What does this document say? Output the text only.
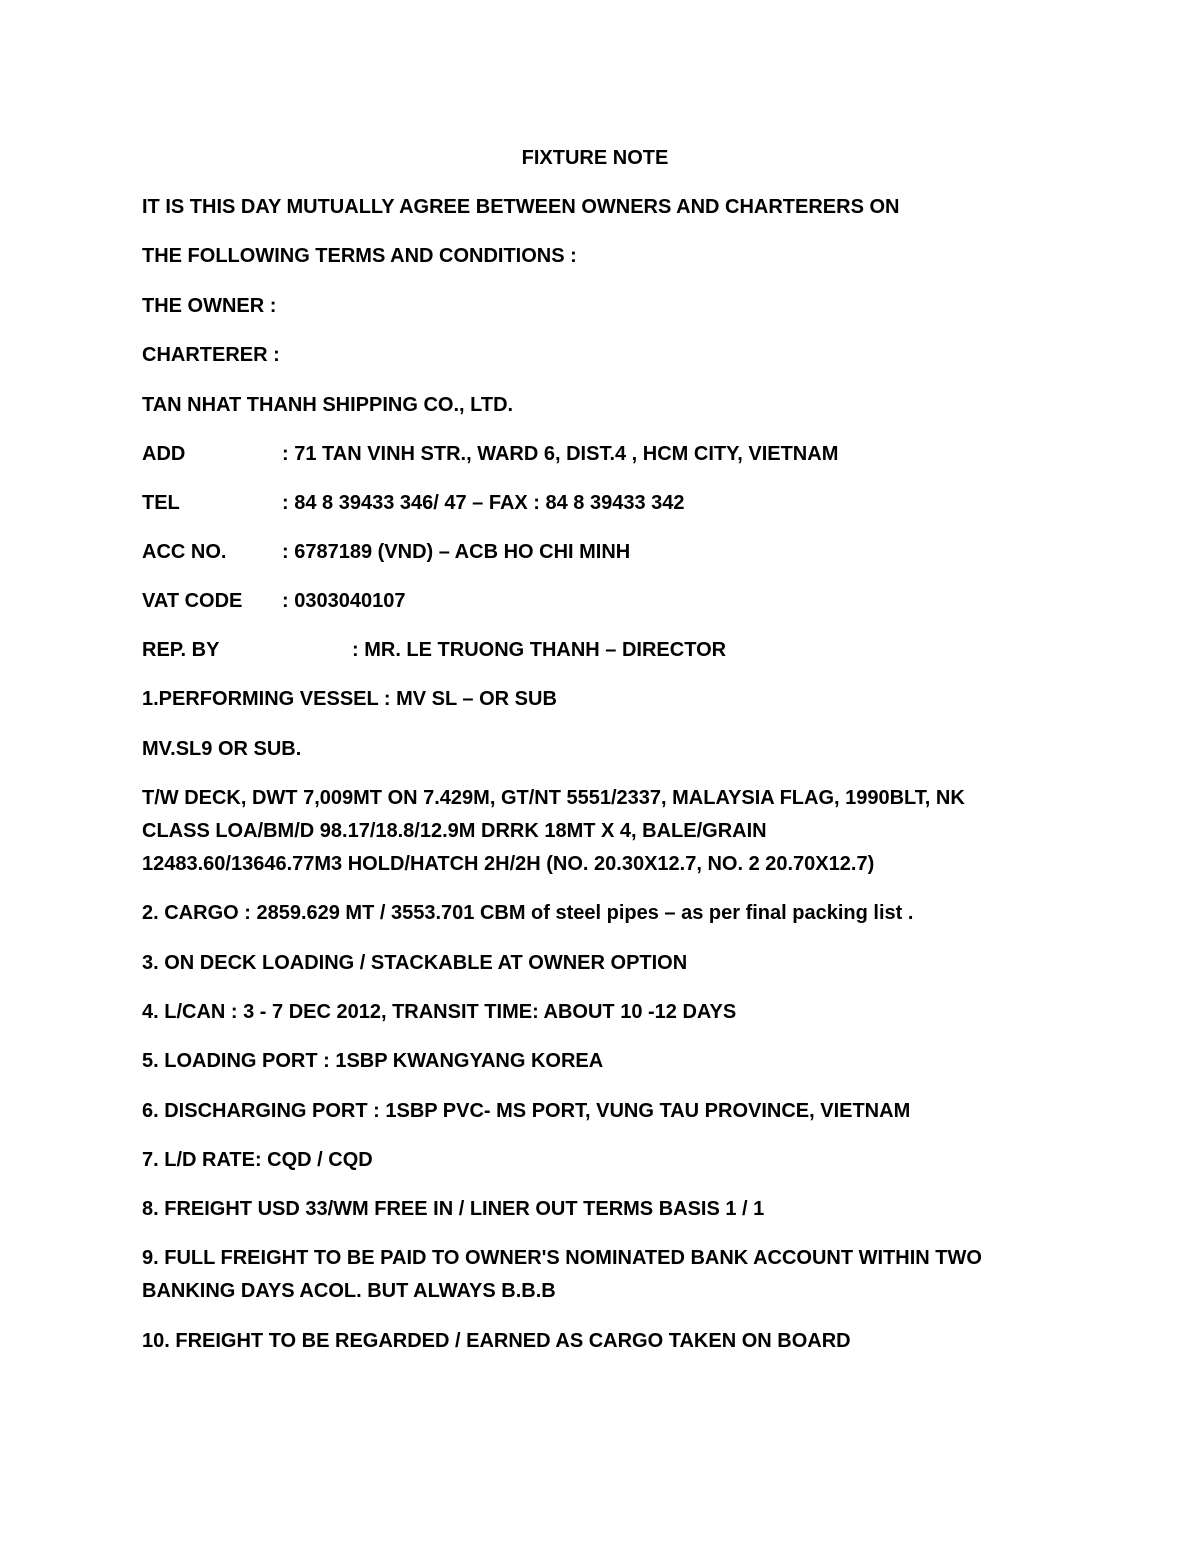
FIXTURE NOTE
IT IS THIS DAY MUTUALLY AGREE BETWEEN OWNERS AND CHARTERERS ON
THE FOLLOWING TERMS AND CONDITIONS :
THE OWNER :
CHARTERER :
TAN NHAT THANH SHIPPING CO., LTD.
ADD	: 71 TAN VINH STR., WARD 6, DIST.4 , HCM CITY, VIETNAM
TEL	: 84 8 39433 346/ 47 – FAX : 84 8 39433 342
ACC NO.	: 6787189 (VND) – ACB HO CHI MINH
VAT CODE : 0303040107
REP. BY	: MR. LE TRUONG THANH – DIRECTOR
1.PERFORMING VESSEL : MV SL – OR SUB
MV.SL9 OR SUB.
T/W DECK, DWT 7,009MT ON 7.429M, GT/NT 5551/2337, MALAYSIA FLAG, 1990BLT, NK
CLASS LOA/BM/D 98.17/18.8/12.9M DRRK 18MT X 4, BALE/GRAIN
12483.60/13646.77M3 HOLD/HATCH 2H/2H (NO. 20.30X12.7, NO. 2 20.70X12.7)
2. CARGO : 2859.629 MT / 3553.701 CBM of steel pipes – as per final packing list .
3. ON DECK LOADING / STACKABLE AT OWNER OPTION
4. L/CAN : 3 - 7 DEC 2012, TRANSIT TIME: ABOUT 10 -12 DAYS
5. LOADING PORT : 1SBP KWANGYANG KOREA
6. DISCHARGING PORT : 1SBP PVC- MS PORT, VUNG TAU PROVINCE, VIETNAM
7. L/D RATE: CQD / CQD
8. FREIGHT USD 33/WM FREE IN / LINER OUT TERMS BASIS 1 / 1
9. FULL FREIGHT TO BE PAID TO OWNER'S NOMINATED BANK ACCOUNT WITHIN TWO
BANKING DAYS ACOL. BUT ALWAYS B.B.B
10. FREIGHT TO BE REGARDED / EARNED AS CARGO TAKEN ON BOARD
